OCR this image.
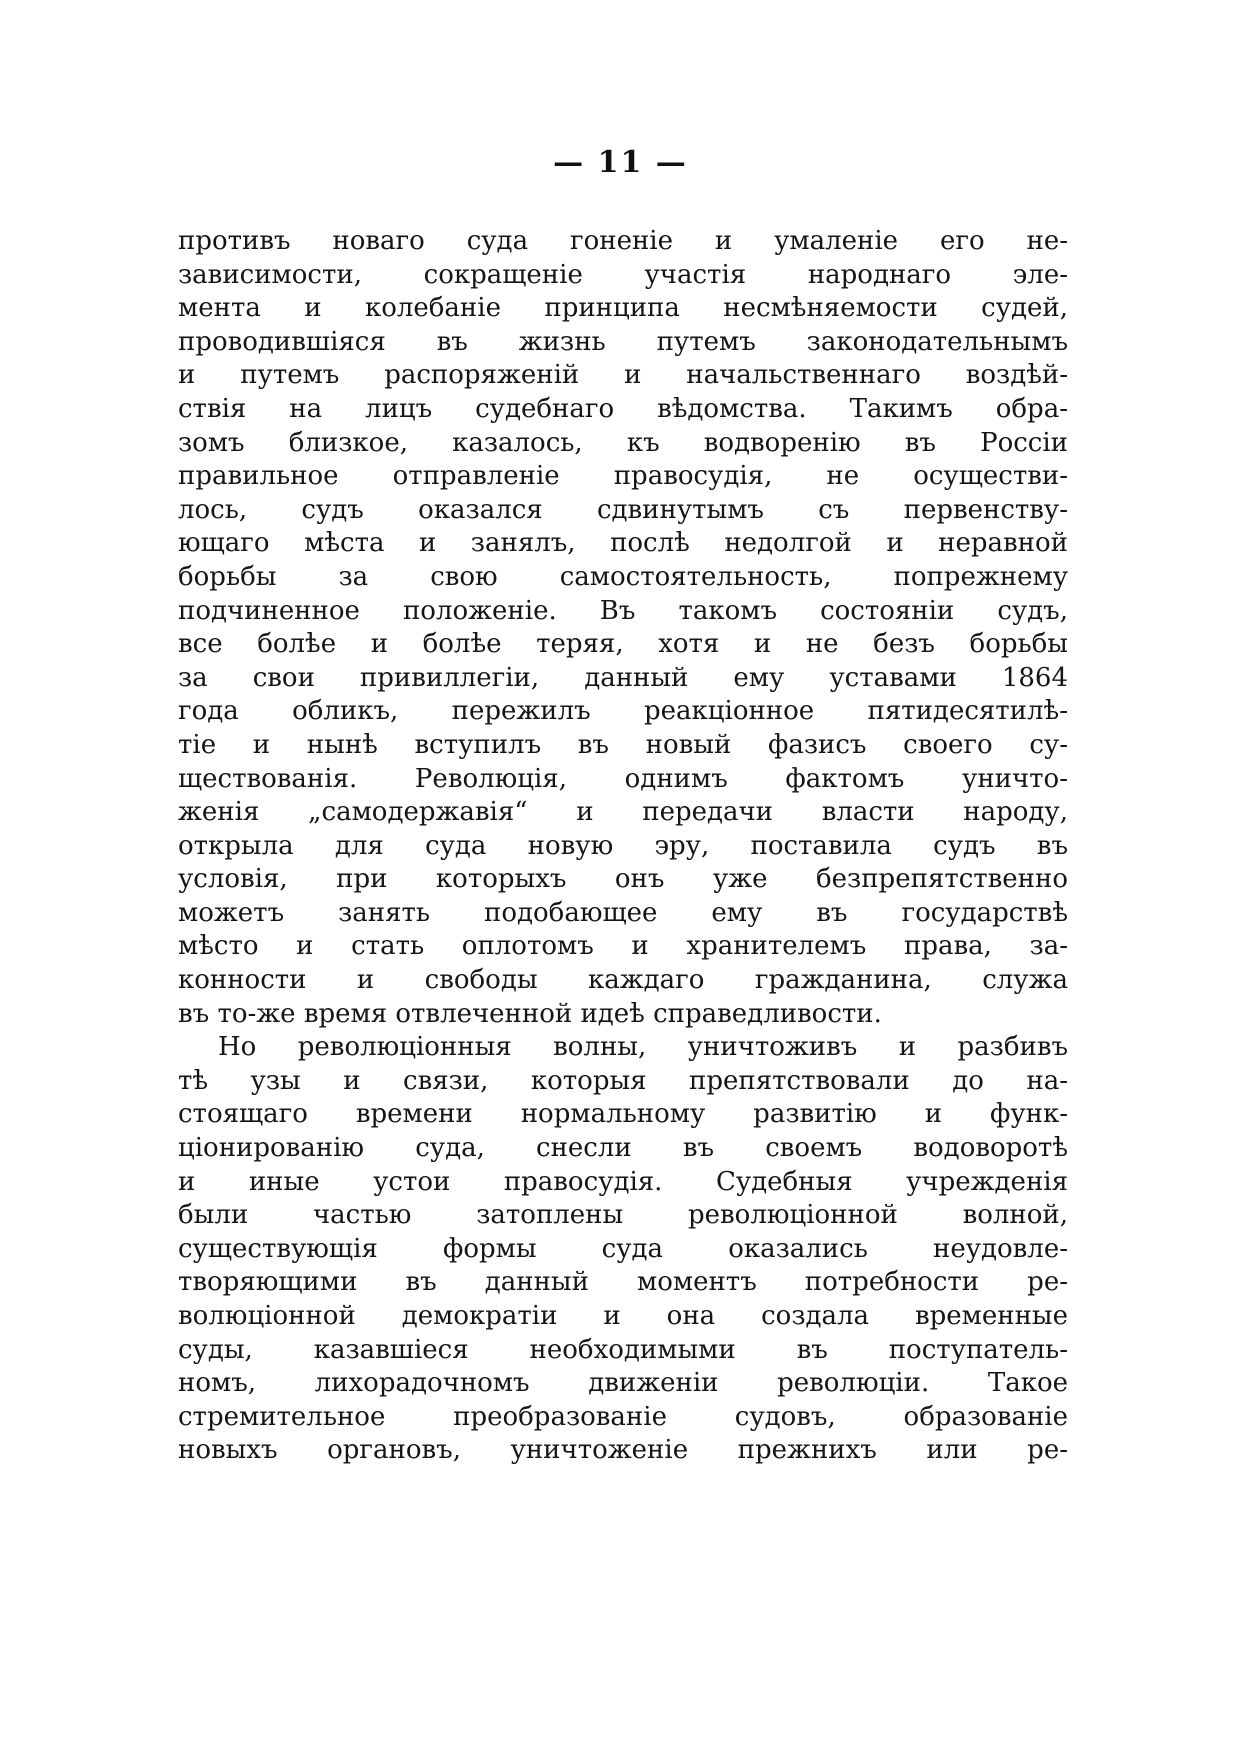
— 11 —
противъ новаго суда гоненіе и умаленіе его не-
зависимости, сокращеніе участія народнаго эле-
мента и колебаніе принципа несмѣняемости судей,
проводившіяся въ жизнь путемъ законодательнымъ
и путемъ распоряженій и начальственнаго воздѣй-
ствія на лицъ судебнаго вѣдомства. Такимъ обра-
зомъ близкое, казалось, къ водворенію въ Россіи
правильное отправленіе правосудія, не осуществи-
лось, судъ оказался сдвинутымъ съ первенству-
ющаго мѣста и занялъ, послѣ недолгой и неравной
борьбы за свою самостоятельность, попрежнему
подчиненное положеніе. Въ такомъ состояніи судъ,
все болѣе и болѣе теряя, хотя и не безъ борьбы
за свои привиллегіи, данный ему уставами 1864
года обликъ, пережилъ реакціонное пятидесятилѣ-
тіе и нынѣ вступилъ въ новый фазисъ своего су-
ществованія. Революція, однимъ фактомъ уничто-
женія „самодержавія“ и передачи власти народу,
открыла для суда новую эру, поставила судъ въ
условія, при которыхъ онъ уже безпрепятственно
можетъ занять подобающее ему въ государствѣ
мѣсто и стать оплотомъ и хранителемъ права, за-
конности и свободы каждаго гражданина, служа
въ то-же время отвлеченной идеѣ справедливости.
Но революціонныя волны, уничтоживъ и разбивъ
тѣ узы и связи, которыя препятствовали до на-
стоящаго времени нормальному развитію и функ-
ціонированію суда, снесли въ своемъ водоворотѣ
и иные устои правосудія. Судебныя учрежденія
были частью затоплены революціонной волной,
существующія формы суда оказались неудовле-
творяющими въ данный моментъ потребности ре-
волюціонной демократіи и она создала временные
суды, казавшіеся необходимыми въ поступатель-
номъ, лихорадочномъ движеніи революціи. Такое
стремительное преобразованіе судовъ, образованіе
новыхъ органовъ, уничтоженіе прежнихъ или ре-
